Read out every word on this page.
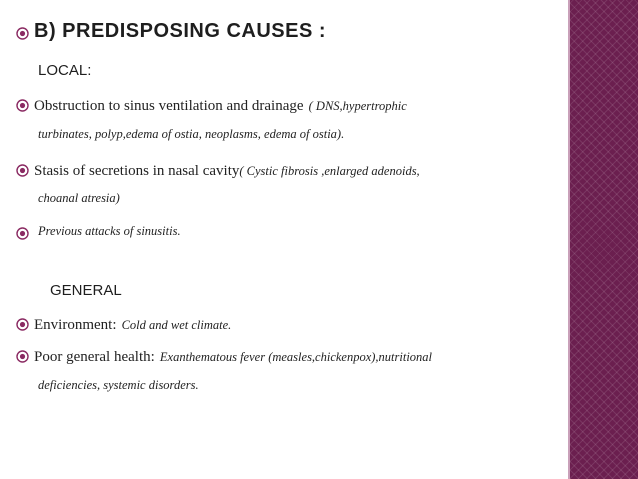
B) PREDISPOSING CAUSES :
LOCAL:
Obstruction to sinus ventilation and drainage ( DNS,hypertrophic
turbinates, polyp,edema of ostia, neoplasms, edema of ostia).
Stasis of secretions in nasal cavity( Cystic fibrosis ,enlarged adenoids,
choanal atresia)
Previous attacks of sinusitis.
GENERAL
Environment: Cold and wet climate.
Poor general health: Exanthematous fever (measles,chickenpox),nutritional
deficiencies, systemic disorders.
